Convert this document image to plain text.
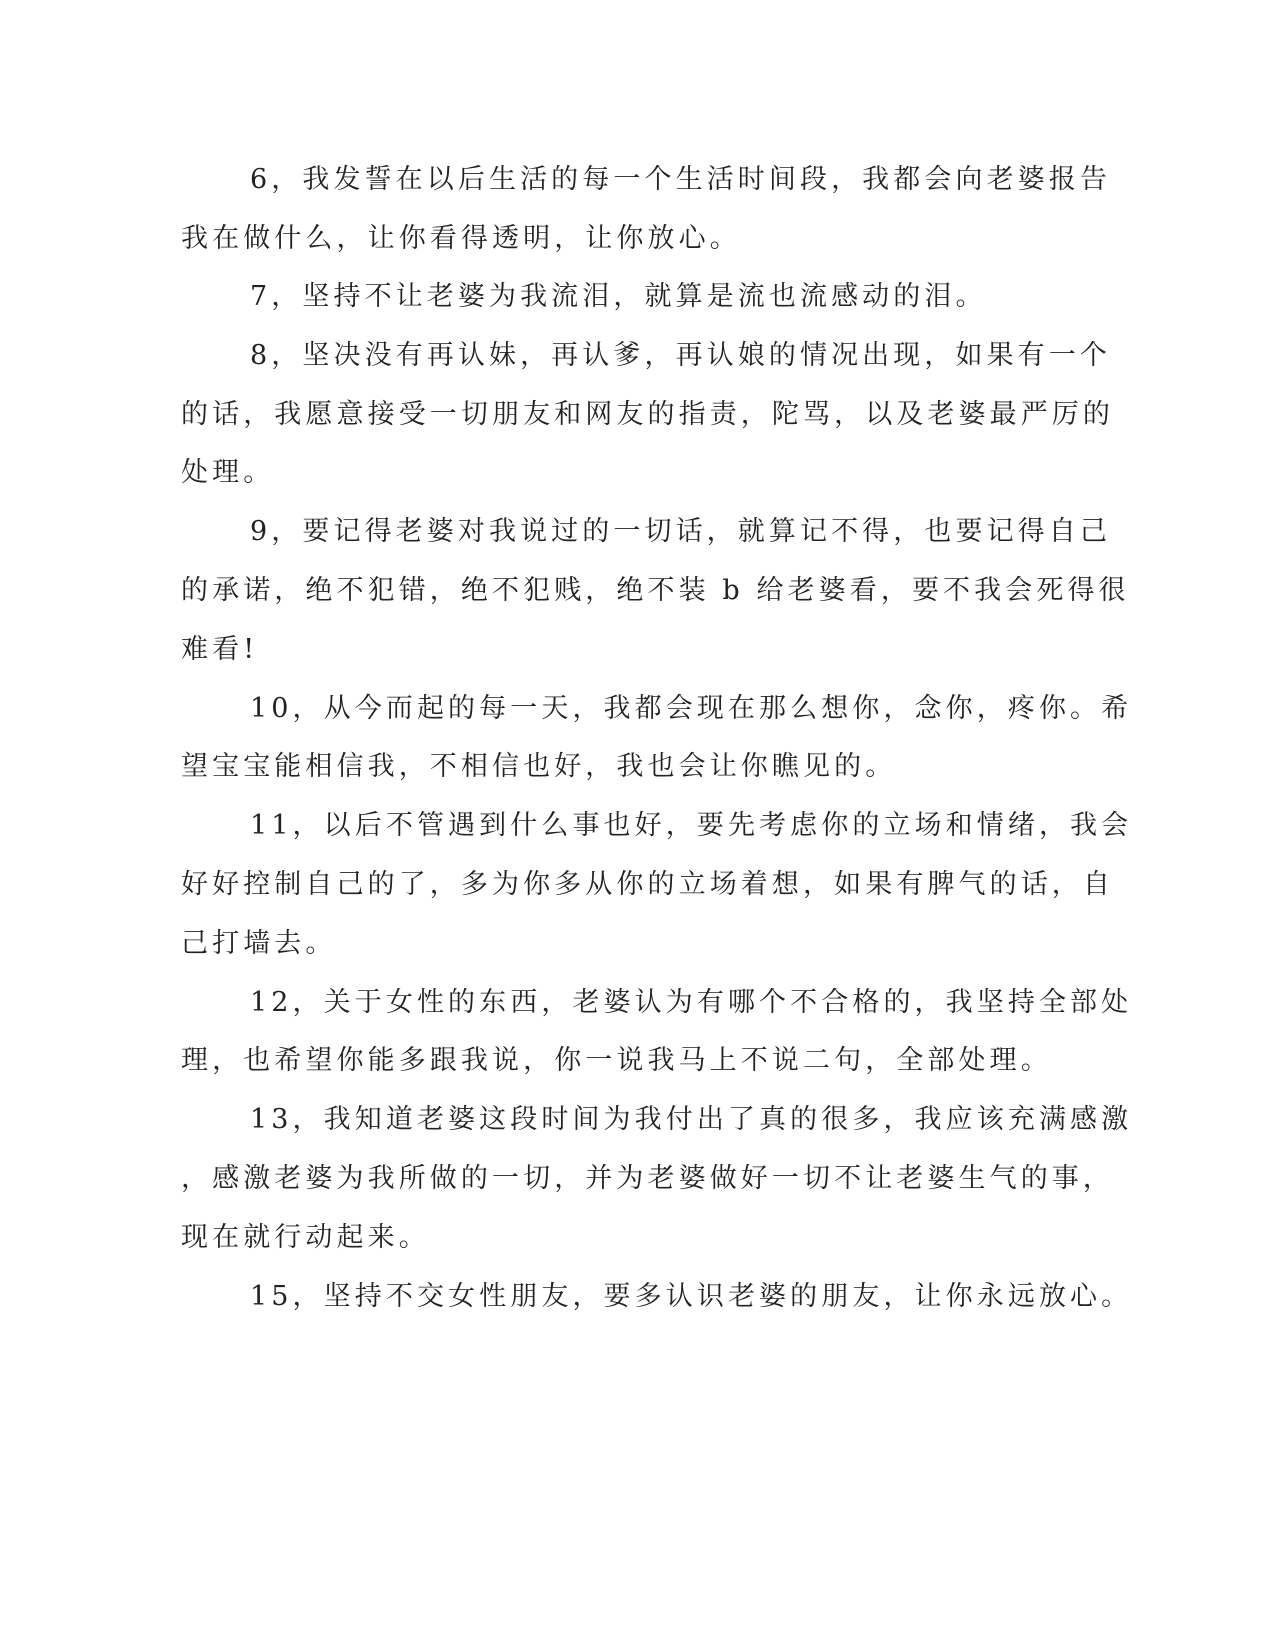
6，我发誓在以后生活的每一个生活时间段，我都会向老婆报告
我在做什么，让你看得透明，让你放心。
7，坚持不让老婆为我流泪，就算是流也流感动的泪。
8，坚决没有再认妹，再认爹，再认娘的情况出现，如果有一个
的话，我愿意接受一切朋友和网友的指责，陀骂，以及老婆最严厉的
处理。
9，要记得老婆对我说过的一切话，就算记不得，也要记得自己
的承诺，绝不犯错，绝不犯贱，绝不装 b 给老婆看，要不我会死得很
难看!
10，从今而起的每一天，我都会现在那么想你，念你，疼你。希
望宝宝能相信我，不相信也好，我也会让你瞧见的。
11，以后不管遇到什么事也好，要先考虑你的立场和情绪，我会
好好控制自己的了，多为你多从你的立场着想，如果有脾气的话，自
己打墙去。
12，关于女性的东西，老婆认为有哪个不合格的，我坚持全部处
理，也希望你能多跟我说，你一说我马上不说二句，全部处理。
13，我知道老婆这段时间为我付出了真的很多，我应该充满感激
，感激老婆为我所做的一切，并为老婆做好一切不让老婆生气的事，
现在就行动起来。
15，坚持不交女性朋友，要多认识老婆的朋友，让你永远放心。
